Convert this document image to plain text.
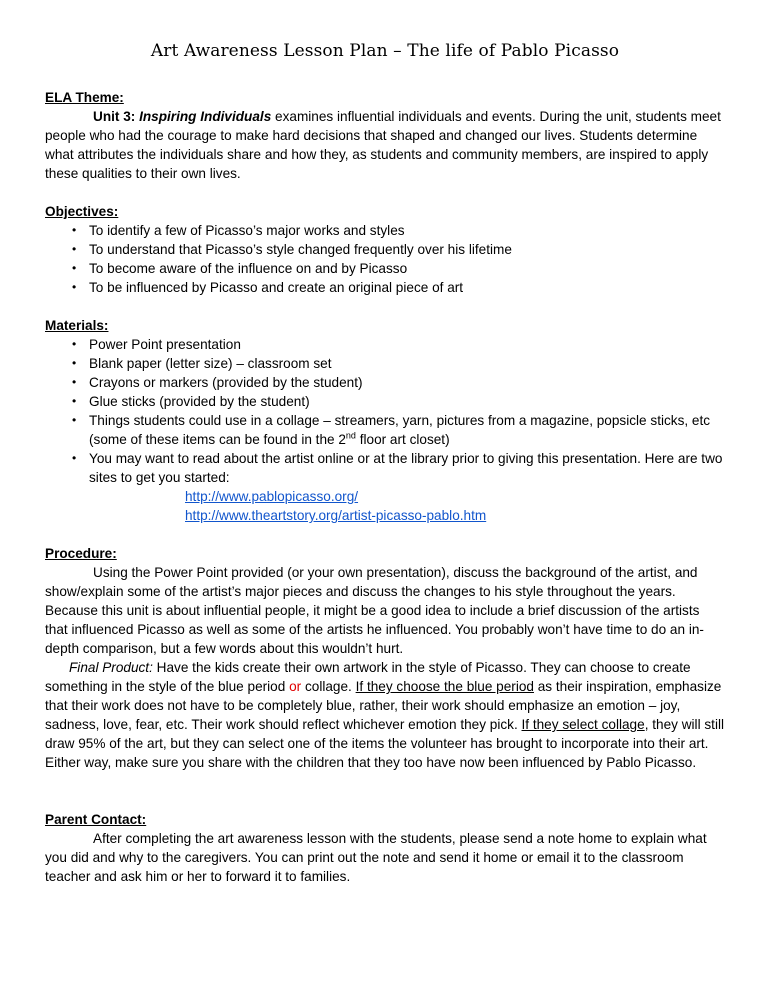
Art Awareness Lesson Plan – The life of Pablo Picasso
ELA Theme:

Unit 3: Inspiring Individuals examines influential individuals and events. During the unit, students meet people who had the courage to make hard decisions that shaped and changed our lives. Students determine what attributes the individuals share and how they, as students and community members, are inspired to apply these qualities to their own lives.

Objectives:
• To identify a few of Picasso’s major works and styles
• To understand that Picasso’s style changed frequently over his lifetime
• To become aware of the influence on and by Picasso
• To be influenced by Picasso and create an original piece of art
Materials:
• Power Point presentation
• Blank paper (letter size) – classroom set
• Crayons or markers (provided by the student)
• Glue sticks (provided by the student)
• Things students could use in a collage – streamers, yarn, pictures from a magazine, popsicle sticks, etc (some of these items can be found in the 2nd floor art closet)
• You may want to read about the artist online or at the library prior to giving this presentation. Here are two sites to get you started:
http://www.pablopicasso.org/
http://www.theartstory.org/artist-picasso-pablo.htm
Procedure:

Using the Power Point provided (or your own presentation), discuss the background of the artist, and show/explain some of the artist’s major pieces and discuss the changes to his style throughout the years. Because this unit is about influential people, it might be a good idea to include a brief discussion of the artists that influenced Picasso as well as some of the artists he influenced. You probably won’t have time to do an in-depth comparison, but a few words about this wouldn’t hurt.

Final Product: Have the kids create their own artwork in the style of Picasso. They can choose to create something in the style of the blue period or collage. If they choose the blue period as their inspiration, emphasize that their work does not have to be completely blue, rather, their work should emphasize an emotion – joy, sadness, love, fear, etc. Their work should reflect whichever emotion they pick. If they select collage, they will still draw 95% of the art, but they can select one of the items the volunteer has brought to incorporate into their art. Either way, make sure you share with the children that they too have now been influenced by Pablo Picasso.

Parent Contact:

After completing the art awareness lesson with the students, please send a note home to explain what you did and why to the caregivers. You can print out the note and send it home or email it to the classroom teacher and ask him or her to forward it to families.
